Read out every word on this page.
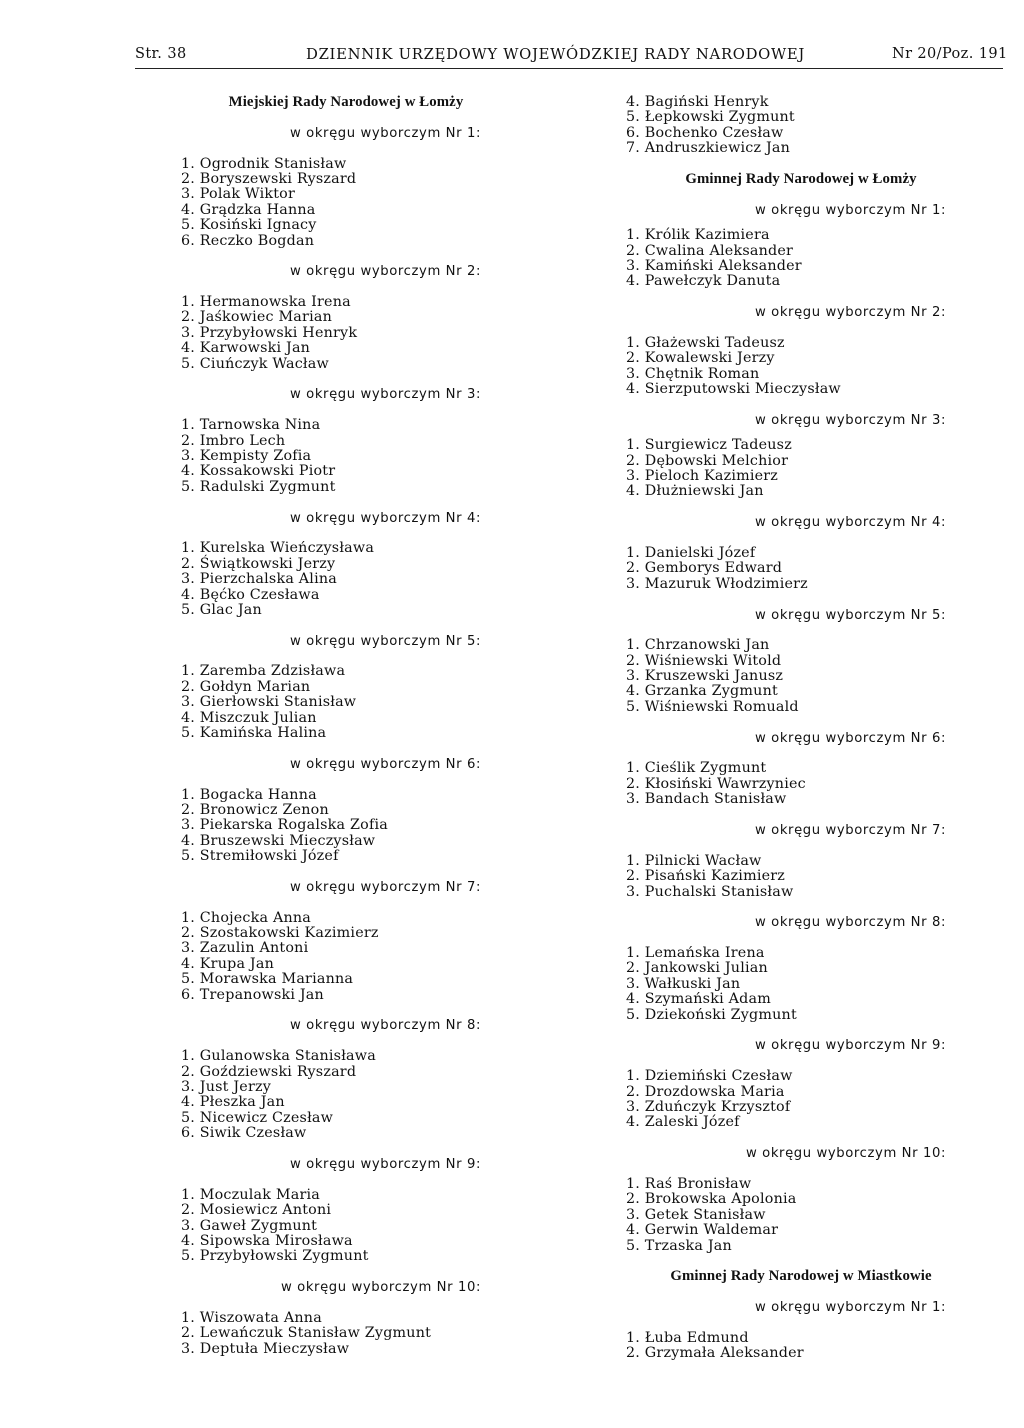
Str. 38	DZIENNIK URZĘDOWY WOJEWÓDZKIEJ RADY NARODOWEJ	Nr 20/Poz. 191
Miejskiej Rady Narodowej w Łomży
w okręgu wyborczym Nr 1:
1. Ogrodnik Stanisław
2. Boryszewski Ryszard
3. Polak Wiktor
4. Grądzka Hanna
5. Kosiński Ignacy
6. Reczko Bogdan
w okręgu wyborczym Nr 2:
1. Hermanowska Irena
2. Jaśkowiec Marian
3. Przybyłowski Henryk
4. Karwowski Jan
5. Ciuńczyk Wacław
w okręgu wyborczym Nr 3:
1. Tarnowska Nina
2. Imbro Lech
3. Kempisty Zofia
4. Kossakowski Piotr
5. Radulski Zygmunt
w okręgu wyborczym Nr 4:
1. Kurelska Wieńczysława
2. Świątkowski Jerzy
3. Pierzchalska Alina
4. Bęćko Czesława
5. Glac Jan
w okręgu wyborczym Nr 5:
1. Zaremba Zdzisława
2. Gołdyn Marian
3. Gierłowski Stanisław
4. Miszczuk Julian
5. Kamińska Halina
w okręgu wyborczym Nr 6:
1. Bogacka Hanna
2. Bronowicz Zenon
3. Piekarska Rogalska Zofia
4. Bruszewski Mieczysław
5. Stremiłowski Józef
w okręgu wyborczym Nr 7:
1. Chojecka Anna
2. Szostakowski Kazimierz
3. Zazulin Antoni
4. Krupa Jan
5. Morawska Marianna
6. Trepanowski Jan
w okręgu wyborczym Nr 8:
1. Gulanowska Stanisława
2. Goździewski Ryszard
3. Just Jerzy
4. Płeszka Jan
5. Nicewicz Czesław
6. Siwik Czesław
w okręgu wyborczym Nr 9:
1. Moczulak Maria
2. Mosiewicz Antoni
3. Gaweł Zygmunt
4. Sipowska Mirosława
5. Przybyłowski Zygmunt
w okręgu wyborczym Nr 10:
1. Wiszowata Anna
2. Lewańczuk Stanisław Zygmunt
3. Deptuła Mieczysław
4. Bagiński Henryk
5. Łepkowski Zygmunt
6. Bochenko Czesław
7. Andruszkiewicz Jan
Gminnej Rady Narodowej w Łomży
w okręgu wyborczym Nr 1:
1. Królik Kazimiera
2. Cwalina Aleksander
3. Kamiński Aleksander
4. Pawełczyk Danuta
w okręgu wyborczym Nr 2:
1. Głażewski Tadeusz
2. Kowalewski Jerzy
3. Chętnik Roman
4. Sierzputowski Mieczysław
w okręgu wyborczym Nr 3:
1. Surgiewicz Tadeusz
2. Dębowski Melchior
3. Pieloch Kazimierz
4. Dłużniewski Jan
w okręgu wyborczym Nr 4:
1. Danielski Józef
2. Gemborys Edward
3. Mazuruk Włodzimierz
w okręgu wyborczym Nr 5:
1. Chrzanowski Jan
2. Wiśniewski Witold
3. Kruszewski Janusz
4. Grzanka Zygmunt
5. Wiśniewski Romuald
w okręgu wyborczym Nr 6:
1. Cieślik Zygmunt
2. Kłosiński Wawrzyniec
3. Bandach Stanisław
w okręgu wyborczym Nr 7:
1. Pilnicki Wacław
2. Pisański Kazimierz
3. Puchalski Stanisław
w okręgu wyborczym Nr 8:
1. Lemańska Irena
2. Jankowski Julian
3. Wałkuski Jan
4. Szymański Adam
5. Dziekoński Zygmunt
w okręgu wyborczym Nr 9:
1. Dziemiński Czesław
2. Drozdowska Maria
3. Zduńczyk Krzysztof
4. Zaleski Józef
w okręgu wyborczym Nr 10:
1. Raś Bronisław
2. Brokowska Apolonia
3. Getek Stanisław
4. Gerwin Waldemar
5. Trzaska Jan
Gminnej Rady Narodowej w Miastkowie
w okręgu wyborczym Nr 1:
1. Łuba Edmund
2. Grzymała Aleksander
